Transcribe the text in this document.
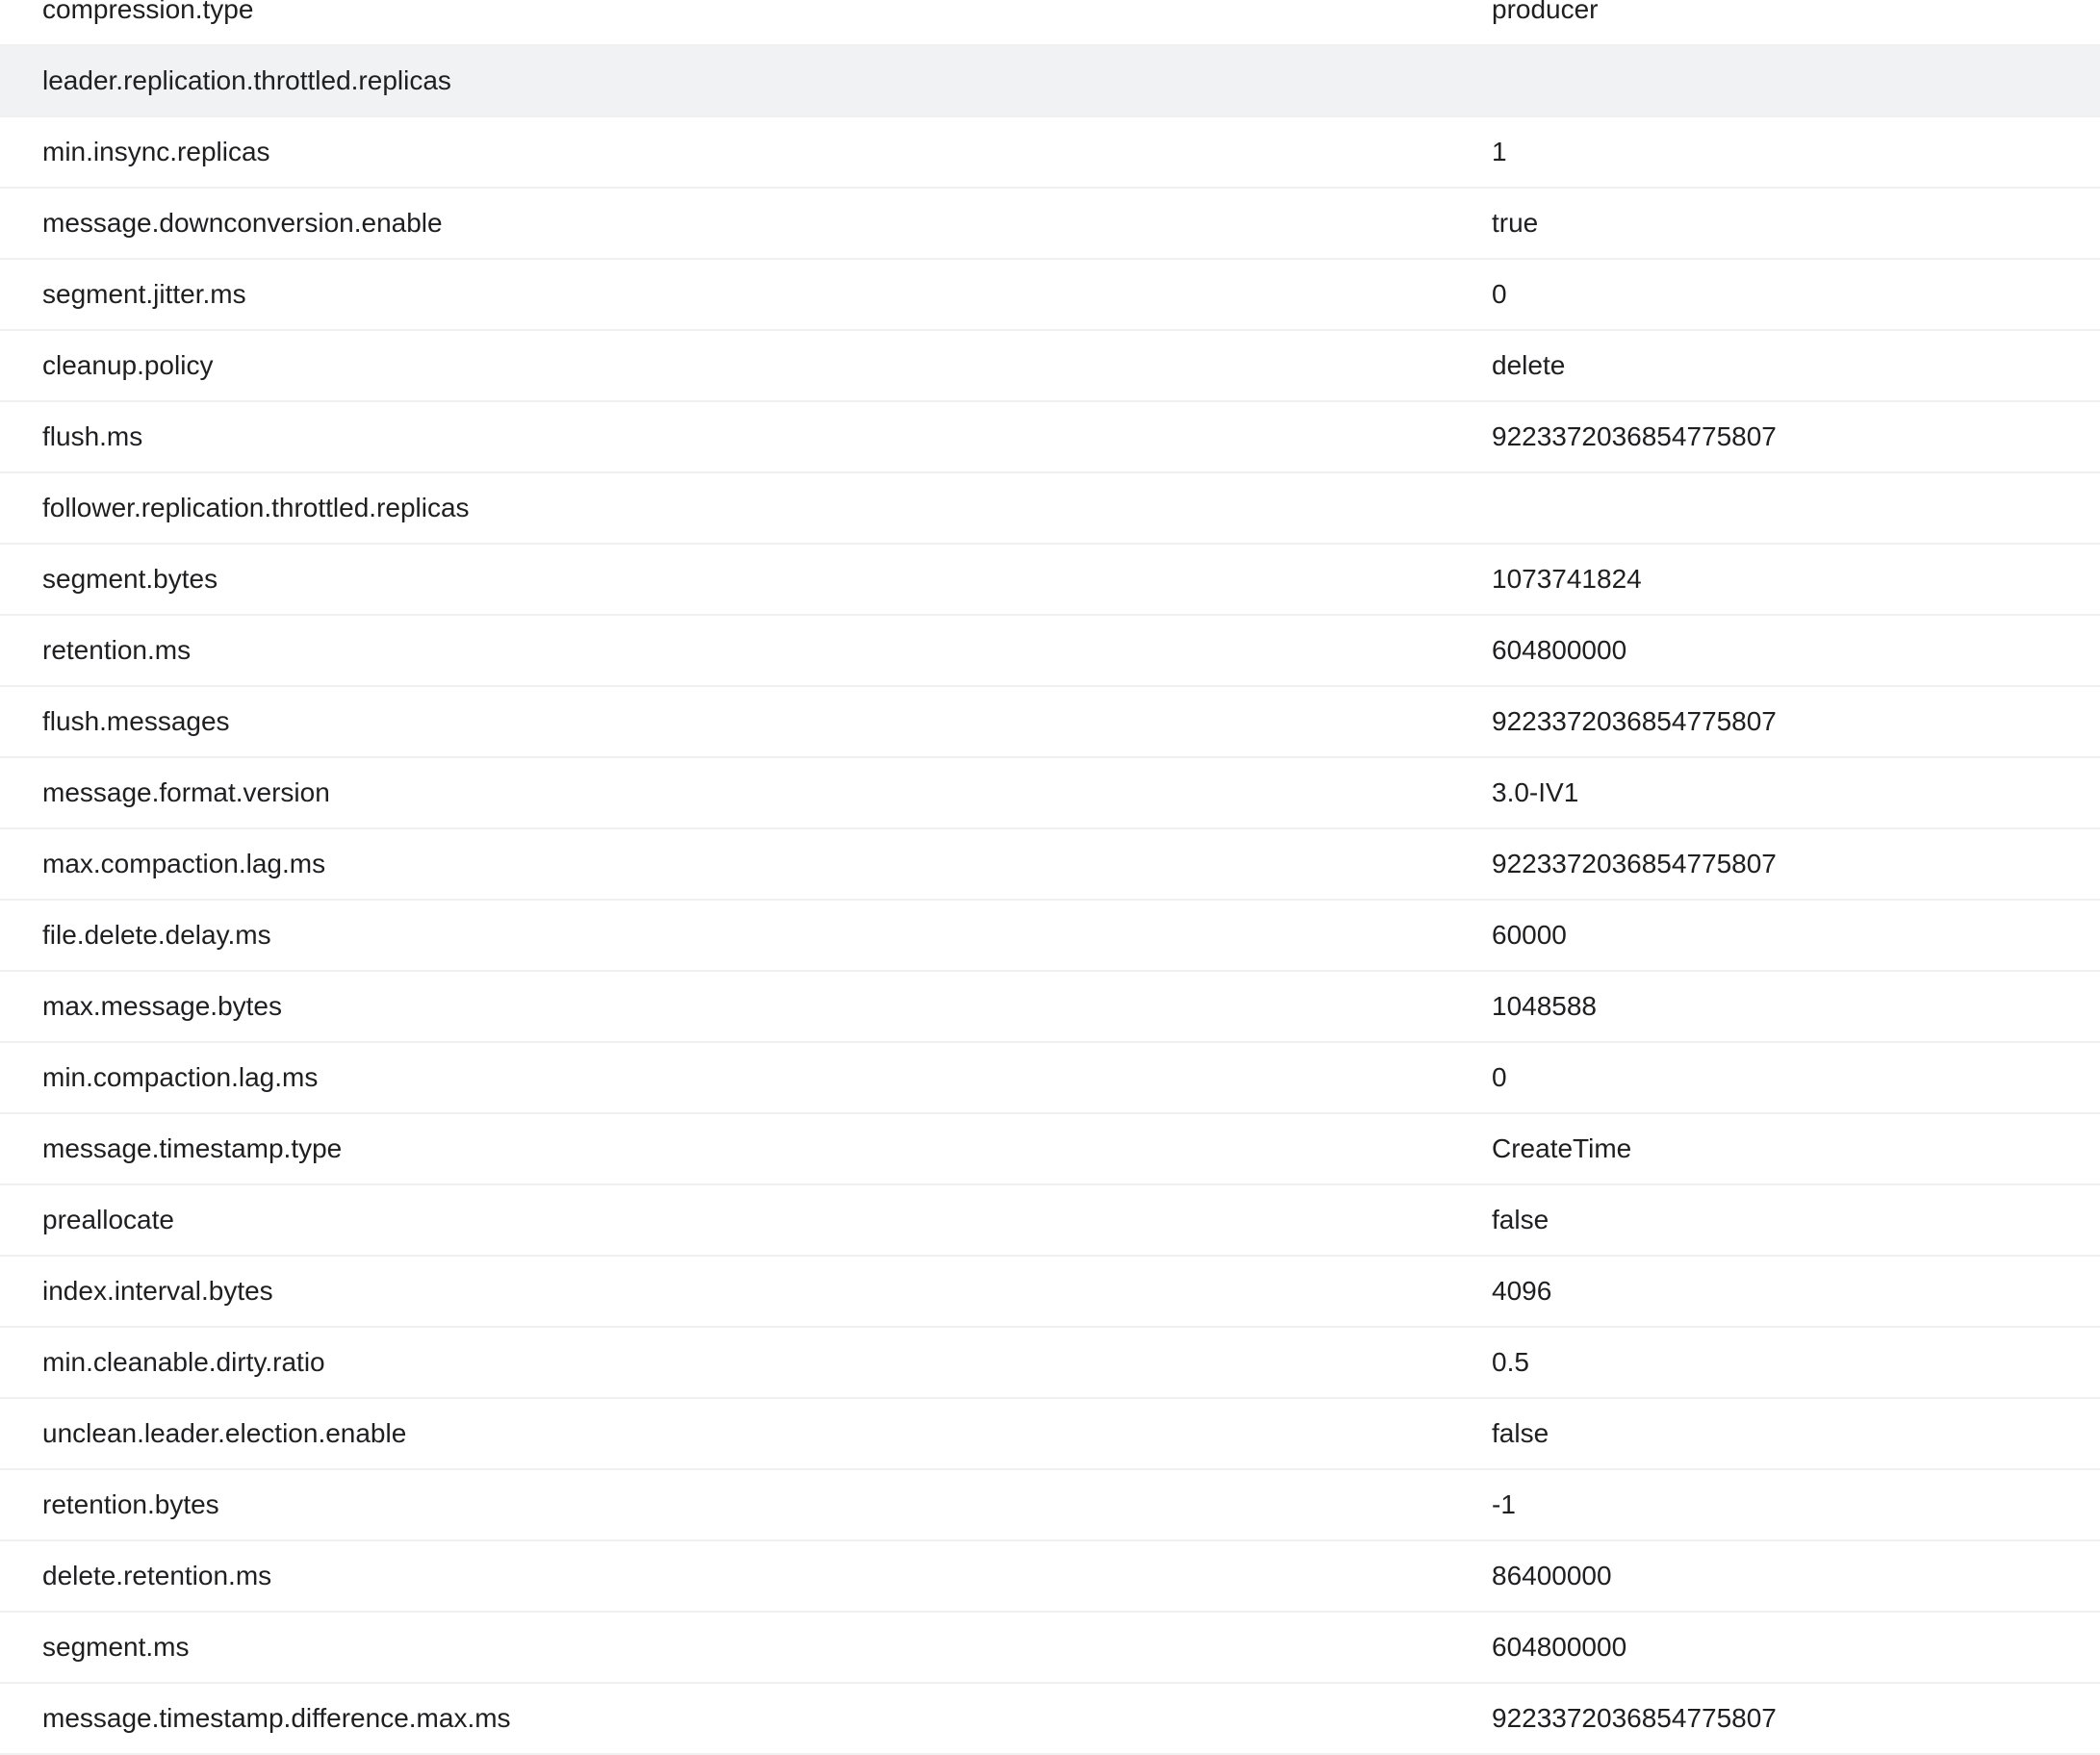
compression.type	producer
leader.replication.throttled.replicas
min.insync.replicas	1
message.downconversion.enable	true
segment.jitter.ms	0
cleanup.policy	delete
flush.ms	9223372036854775807
follower.replication.throttled.replicas
segment.bytes	1073741824
retention.ms	604800000
flush.messages	9223372036854775807
message.format.version	3.0-IV1
max.compaction.lag.ms	9223372036854775807
file.delete.delay.ms	60000
max.message.bytes	1048588
min.compaction.lag.ms	0
message.timestamp.type	CreateTime
preallocate	false
index.interval.bytes	4096
min.cleanable.dirty.ratio	0.5
unclean.leader.election.enable	false
retention.bytes	-1
delete.retention.ms	86400000
segment.ms	604800000
message.timestamp.difference.max.ms	9223372036854775807
